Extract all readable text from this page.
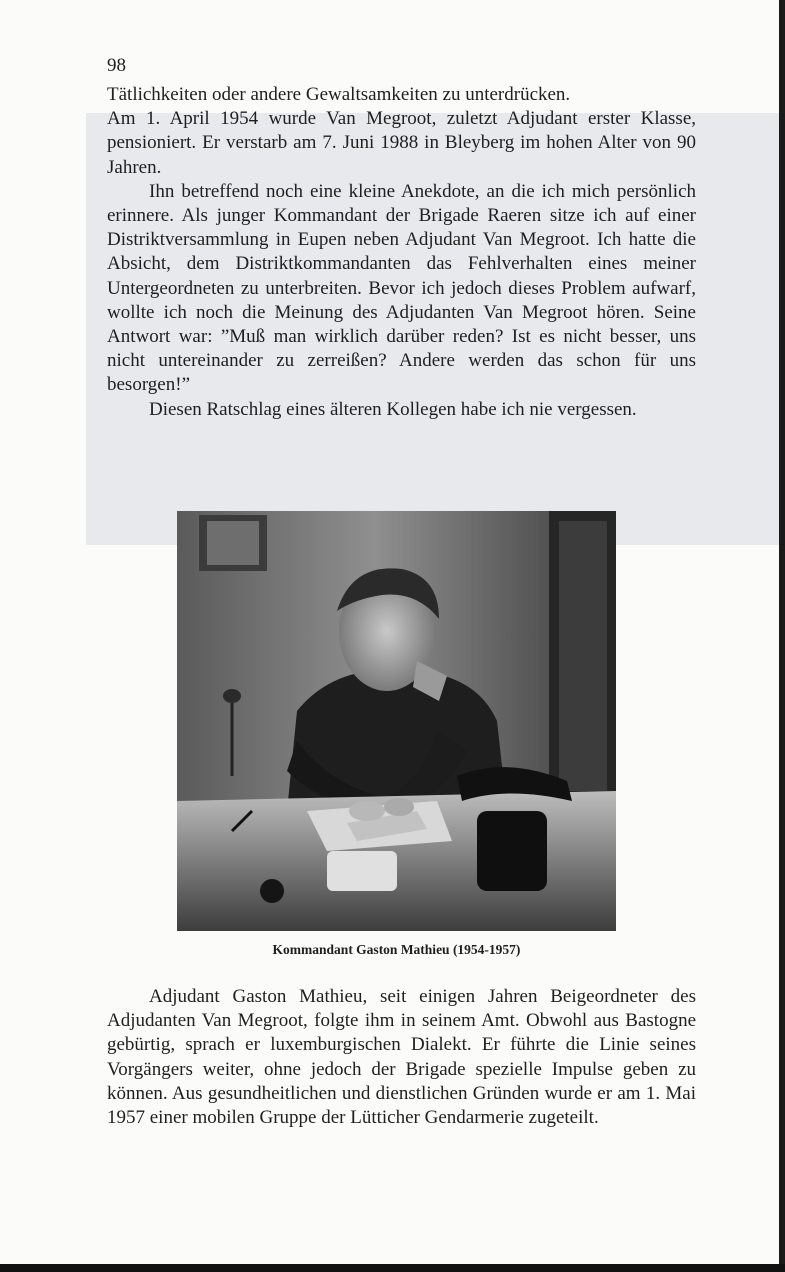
98

Tätlichkeiten oder andere Gewaltsamkeiten zu unterdrücken.

Am 1. April 1954 wurde Van Megroot, zuletzt Adjudant erster Klasse, pensioniert. Er verstarb am 7. Juni 1988 in Bleyberg im hohen Alter von 90 Jahren.

Ihn betreffend noch eine kleine Anekdote, an die ich mich persönlich erinnere. Als junger Kommandant der Brigade Raeren sitze ich auf einer Distriktversammlung in Eupen neben Adjudant Van Megroot. Ich hatte die Absicht, dem Distriktkommandanten das Fehlverhalten eines meiner Untergeordneten zu unterbreiten. Bevor ich jedoch dieses Problem aufwarf, wollte ich noch die Meinung des Adjudanten Van Megroot hören. Seine Antwort war: ”Muß man wirklich darüber reden? Ist es nicht besser, uns nicht untereinander zu zerreißen? Andere werden das schon für uns besorgen!”

Diesen Ratschlag eines älteren Kollegen habe ich nie vergessen.

Kommandant Gaston Mathieu (1954-1957)

Adjudant Gaston Mathieu, seit einigen Jahren Beigeordneter des Adjudanten Van Megroot, folgte ihm in seinem Amt. Obwohl aus Bastogne gebürtig, sprach er luxemburgischen Dialekt. Er führte die Linie seines Vorgängers weiter, ohne jedoch der Brigade spezielle Impulse geben zu können. Aus gesundheitlichen und dienstlichen Gründen wurde er am 1. Mai 1957 einer mobilen Gruppe der Lütticher Gendarmerie zugeteilt.
